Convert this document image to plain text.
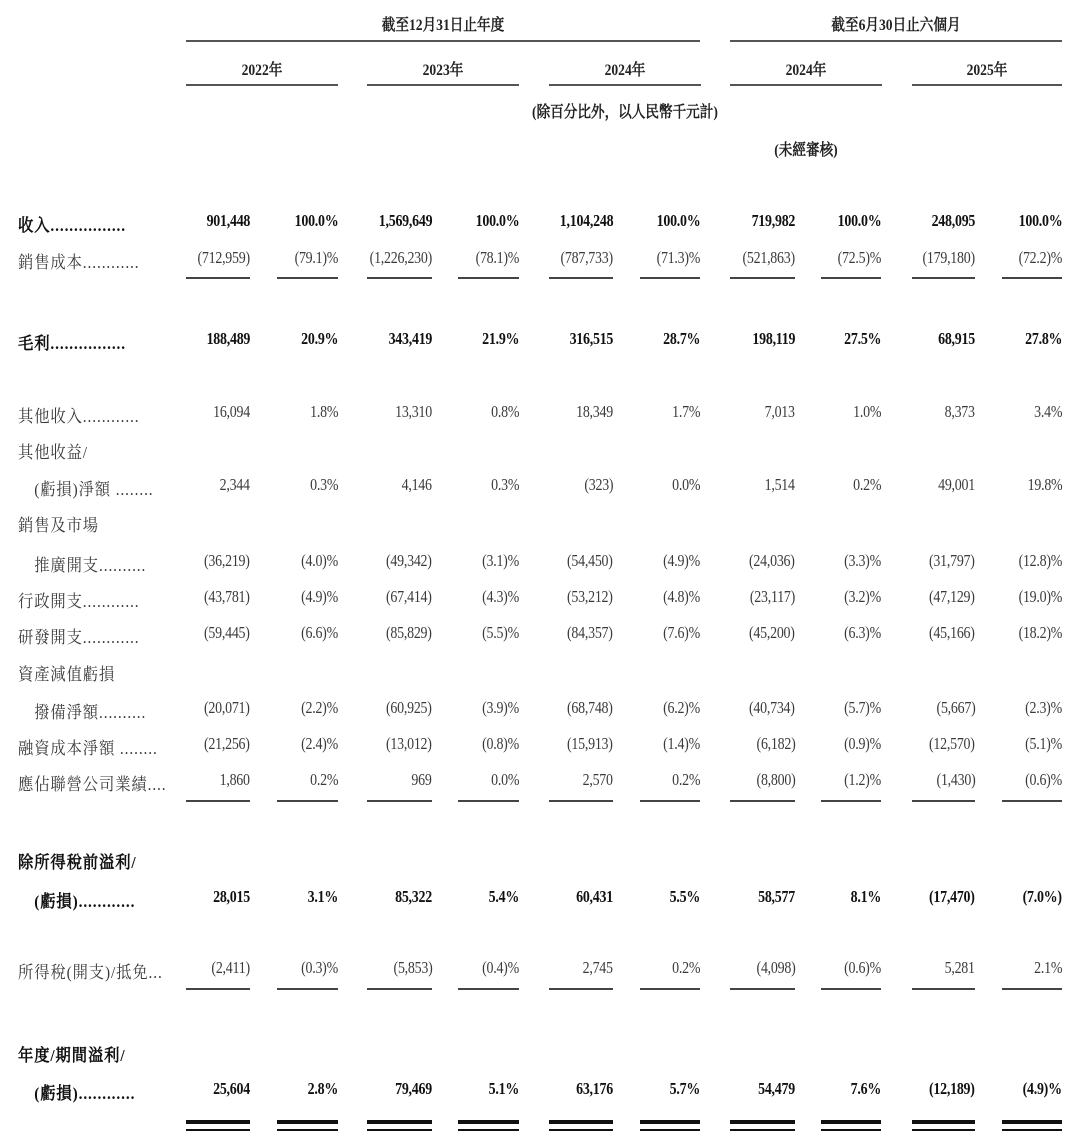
截至12月31日止年度	截至6月30日止六個月
2022年	2023年	2024年	2024年	2025年
(除百分比外，以人民幣千元計)
(未經審核)
收入................	901,448	100.0% 1,569,649	100.0% 1,104,248	100.0%	719,982 100.0%	248,095	100.0%
銷售成本............	(712,959)	(79.1)% (1,226,230)	(78.1)% (787,733)	(71.3)%	(521,863) (72.5)% (179,180)	(72.2)%
毛利................	188,489	20.9%	343,419	21.9%	316,515	28.7%	198,119	27.5%	68,915	27.8%
其他收入............	16,094	1.8%	13,310	0.8%	18,349	1.7%	7,013	1.0%	8,373	3.4%
其他收益/
　(虧損)淨額 ........	2,344	0.3%	4,146	0.3%	(323)	0.0%	1,514	0.2%	49,001	19.8%
銷售及市場
　推廣開支..........	(36,219)	(4.0)%	(49,342)	(3.1)%	(54,450)	(4.9)%	(24,036)	(3.3)%	(31,797)	(12.8)%
行政開支............	(43,781)	(4.9)%	(67,414)	(4.3)%	(53,212)	(4.8)%	(23,117)	(3.2)%	(47,129)	(19.0)%
研發開支............	(59,445)	(6.6)%	(85,829)	(5.5)%	(84,357)	(7.6)%	(45,200)	(6.3)%	(45,166)	(18.2)%
資產減值虧損
　撥備淨額..........	(20,071)	(2.2)%	(60,925)	(3.9)%	(68,748)	(6.2)%	(40,734)	(5.7)%	(5,667)	(2.3)%
融資成本淨額 ........	(21,256)	(2.4)%	(13,012)	(0.8)%	(15,913)	(1.4)%	(6,182)	(0.9)%	(12,570)	(5.1)%
應佔聯營公司業績....	1,860	0.2%	969	0.0%	2,570	0.2%	(8,800)	(1.2)%	(1,430)	(0.6)%
除所得稅前溢利/
　(虧損)............	28,015	3.1%	85,322	5.4%	60,431	5.5%	58,577	8.1%	(17,470)	(7.0%)
所得稅(開支)/抵免...	(2,411)	(0.3)%	(5,853)	(0.4)%	2,745	0.2%	(4,098)	(0.6)%	5,281	2.1%
年度/期間溢利/
　(虧損)............	25,604	2.8%	79,469	5.1%	63,176	5.7%	54,479	7.6%	(12,189)	(4.9)%
